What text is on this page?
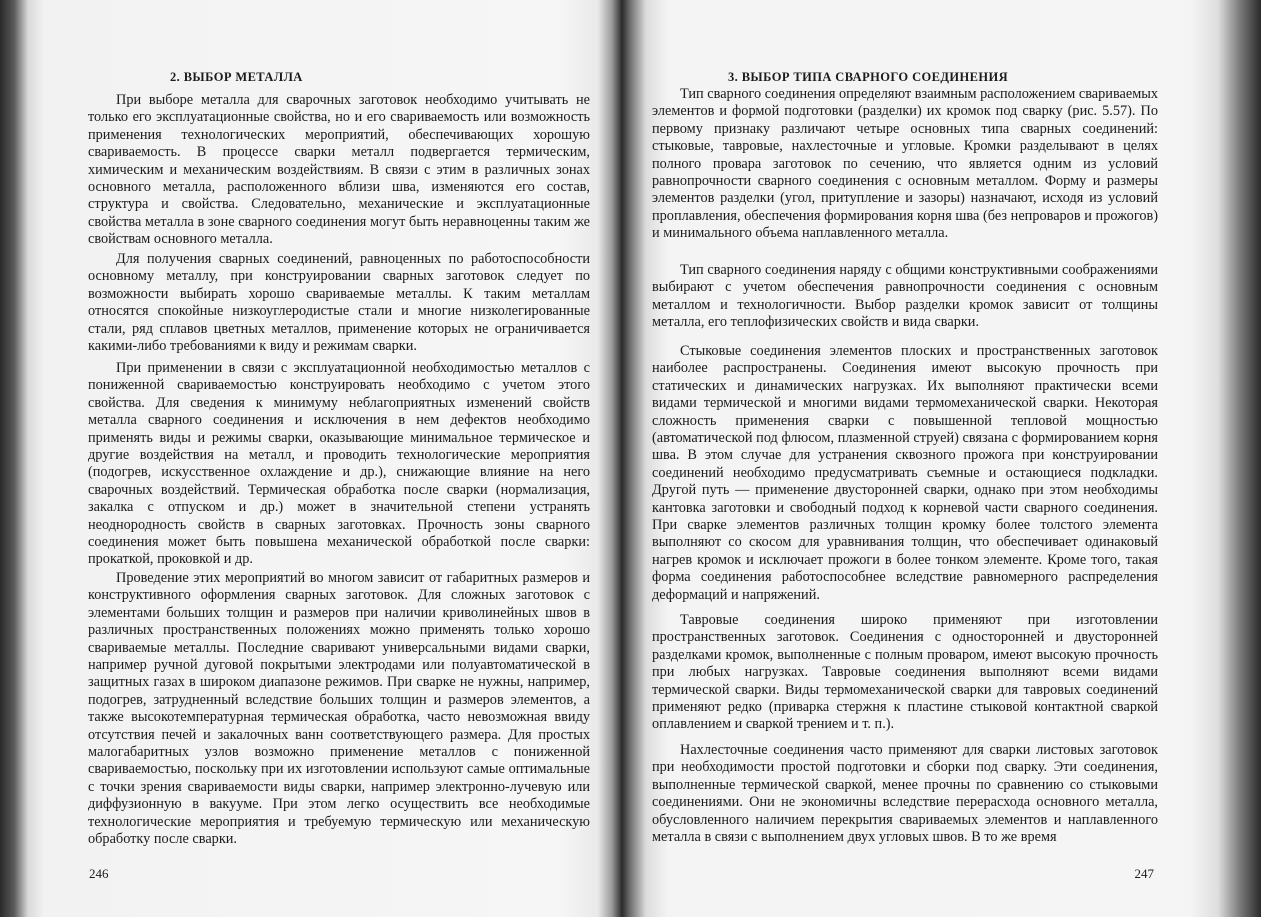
2. ВЫБОР МЕТАЛЛА

При выборе металла для сварочных заготовок необходимо учитывать не только его эксплуатационные свойства, но и его свариваемость или возможность применения технологических мероприятий, обеспечивающих хорошую свариваемость. В процессе сварки металл подвергается термическим, химическим и механическим воздействиям. В связи с этим в различных зонах основного металла, расположенного вблизи шва, изменяются его состав, структура и свойства. Следовательно, механические и эксплуатационные свойства металла в зоне сварного соединения могут быть неравноценны таким же свойствам основного металла.

Для получения сварных соединений, равноценных по работоспособности основному металлу, при конструировании сварных заготовок следует по возможности выбирать хорошо свариваемые металлы. К таким металлам относятся спокойные низкоуглеродистые стали и многие низколегированные стали, ряд сплавов цветных металлов, применение которых не ограничивается какими-либо требованиями к виду и режимам сварки.

При применении в связи с эксплуатационной необходимостью металлов с пониженной свариваемостью конструировать необходимо с учетом этого свойства. Для сведения к минимуму неблагоприятных изменений свойств металла сварного соединения и исключения в нем дефектов необходимо применять виды и режимы сварки, оказывающие минимальное термическое и другие воздействия на металл, и проводить технологические мероприятия (подогрев, искусственное охлаждение и др.), снижающие влияние на него сварочных воздействий. Термическая обработка после сварки (нормализация, закалка с отпуском и др.) может в значительной степени устранять неоднородность свойств в сварных заготовках. Прочность зоны сварного соединения может быть повышена механической обработкой после сварки: прокаткой, проковкой и др.

Проведение этих мероприятий во многом зависит от габаритных размеров и конструктивного оформления сварных заготовок. Для сложных заготовок с элементами больших толщин и размеров при наличии криволинейных швов в различных пространственных положениях можно применять только хорошо свариваемые металлы. Последние сваривают универсальными видами сварки, например ручной дуговой покрытыми электродами или полуавтоматической в защитных газах в широком диапазоне режимов. При сварке не нужны, например, подогрев, затрудненный вследствие больших толщин и размеров элементов, а также высокотемпературная термическая обработка, часто невозможная ввиду отсутствия печей и закалочных ванн соответствующего размера. Для простых малогабаритных узлов возможно применение металлов с пониженной свариваемостью, поскольку при их изготовлении используют самые оптимальные с точки зрения свариваемости виды сварки, например электронно-лучевую или диффузионную в вакууме. При этом легко осуществить все необходимые технологические мероприятия и требуемую термическую или механическую обработку после сварки.

246

3. ВЫБОР ТИПА СВАРНОГО СОЕДИНЕНИЯ

Тип сварного соединения определяют взаимным расположением свариваемых элементов и формой подготовки (разделки) их кромок под сварку (рис. 5.57). По первому признаку различают четыре основных типа сварных соединений: стыковые, тавровые, нахлесточные и угловые. Кромки разделывают в целях полного провара заготовок по сечению, что является одним из условий равнопрочности сварного соединения с основным металлом. Форму и размеры элементов разделки (угол, притупление и зазоры) назначают, исходя из условий проплавления, обеспечения формирования корня шва (без непроваров и прожогов) и минимального объема наплавленного металла.

Тип сварного соединения наряду с общими конструктивными соображениями выбирают с учетом обеспечения равнопрочности соединения с основным металлом и технологичности. Выбор разделки кромок зависит от толщины металла, его теплофизических свойств и вида сварки.

Стыковые соединения элементов плоских и пространственных заготовок наиболее распространены. Соединения имеют высокую прочность при статических и динамических нагрузках. Их выполняют практически всеми видами термической и многими видами термомеханической сварки. Некоторая сложность применения сварки с повышенной тепловой мощностью (автоматической под флюсом, плазменной струей) связана с формированием корня шва. В этом случае для устранения сквозного прожога при конструировании соединений необходимо предусматривать съемные и остающиеся подкладки. Другой путь — применение двусторонней сварки, однако при этом необходимы кантовка заготовки и свободный подход к корневой части сварного соединения. При сварке элементов различных толщин кромку более толстого элемента выполняют со скосом для уравнивания толщин, что обеспечивает одинаковый нагрев кромок и исключает прожоги в более тонком элементе. Кроме того, такая форма соединения работоспособнее вследствие равномерного распределения деформаций и напряжений.

Тавровые соединения широко применяют при изготовлении пространственных заготовок. Соединения с односторонней и двусторонней разделками кромок, выполненные с полным проваром, имеют высокую прочность при любых нагрузках. Тавровые соединения выполняют всеми видами термической сварки. Виды термомеханической сварки для тавровых соединений применяют редко (приварка стержня к пластине стыковой контактной сваркой оплавлением и сваркой трением и т. п.).

Нахлесточные соединения часто применяют для сварки листовых заготовок при необходимости простой подготовки и сборки под сварку. Эти соединения, выполненные термической сваркой, менее прочны по сравнению со стыковыми соединениями. Они не экономичны вследствие перерасхода основного металла, обусловленного наличием перекрытия свариваемых элементов и наплавленного металла в связи с выполнением двух угловых швов. В то же время

247
